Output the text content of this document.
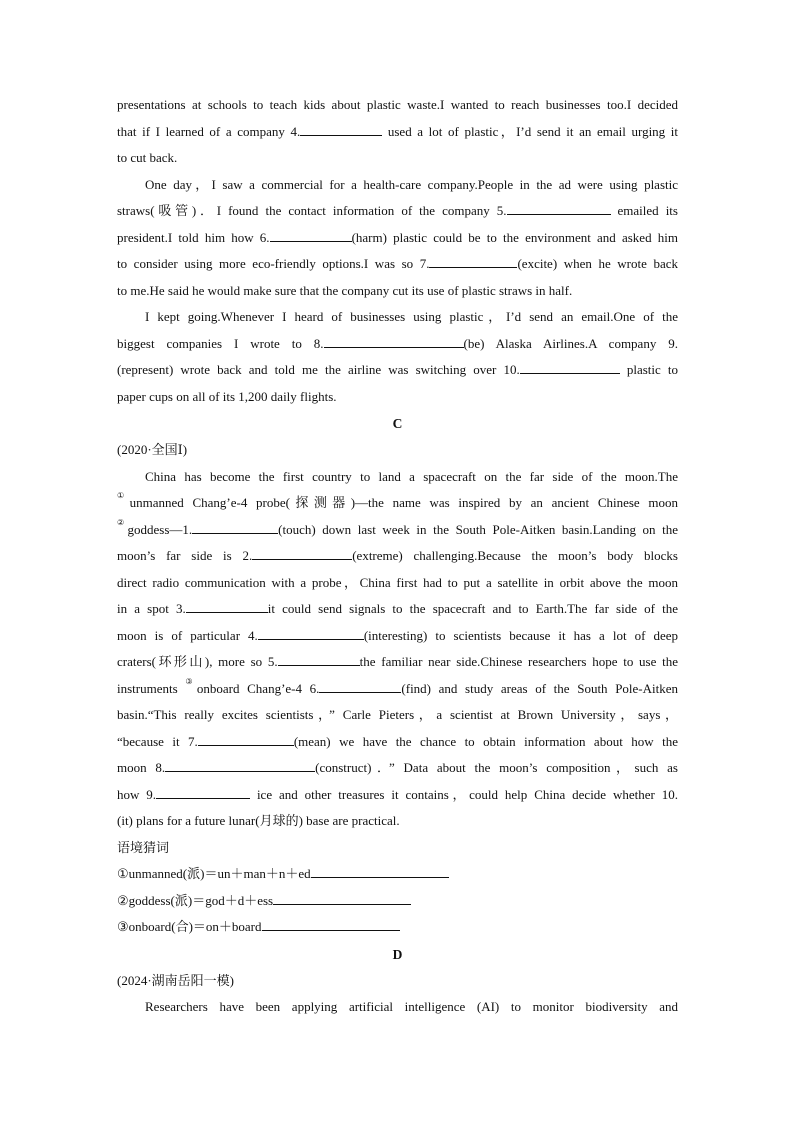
presentations at schools to teach kids about plastic waste.I wanted to reach businesses too.I decided
that if I learned of a company 4.	used a lot of plastic，I’d send it an email urging it
to cut back.
One day，I saw a commercial for a health-care company.People in the ad were using plastic
straws(吸管)．I found the contact information of the company 5.	emailed its
president.I told him how 6.	(harm) plastic could be to the environment and asked him
to consider using more eco-friendly options.I was so 7.	(excite) when he wrote back
to me.He said he would make sure that the company cut its use of plastic straws in half.
I kept going.Whenever I heard of businesses using plastic，I’d send an email.One of the
biggest companies I wrote to 8.	(be) Alaska Airlines.A company 9.
(represent) wrote back and told me the airline was switching over 10.	plastic to
paper cups on all of its 1,200 daily flights.
C
(2020·全国Ⅰ)
China has become the first country to land a spacecraft on the far side of the moon.The
①unmanned Chang’e-4 probe(探测器)—the name was inspired by an ancient Chinese moon
②goddess—1.	(touch) down last week in the South Pole-Aitken basin.Landing on the
moon’s far side is 2.	(extreme) challenging.Because the moon’s body blocks
direct radio communication with a probe，China first had to put a satellite in orbit above the moon
in a spot 3.	it could send signals to the spacecraft and to Earth.The far side of the
moon is of particular 4.	(interesting) to scientists because it has a lot of deep
craters(环形山), more so 5.	the familiar near side.Chinese researchers hope to use the
instruments ③onboard Chang’e-4 6.	(find) and study areas of the South Pole-Aitken
basin.“This really excites scientists，” Carle Pieters，a scientist at Brown University，says，
“because it 7.	(mean) we have the chance to obtain information about how the
moon 8.	(construct)．” Data about the moon’s composition，such as
how 9.	ice and other treasures it contains，could help China decide whether 10.
(it) plans for a future lunar(月球的) base are practical.
语境猜词
①unmanned(派)＝un＋man＋n＋ed
②goddess(派)＝god＋d＋ess
③onboard(合)＝on＋board
D
(2024·湖南岳阳一模)
Researchers have been applying artificial intelligence (AI) to monitor biodiversity and
